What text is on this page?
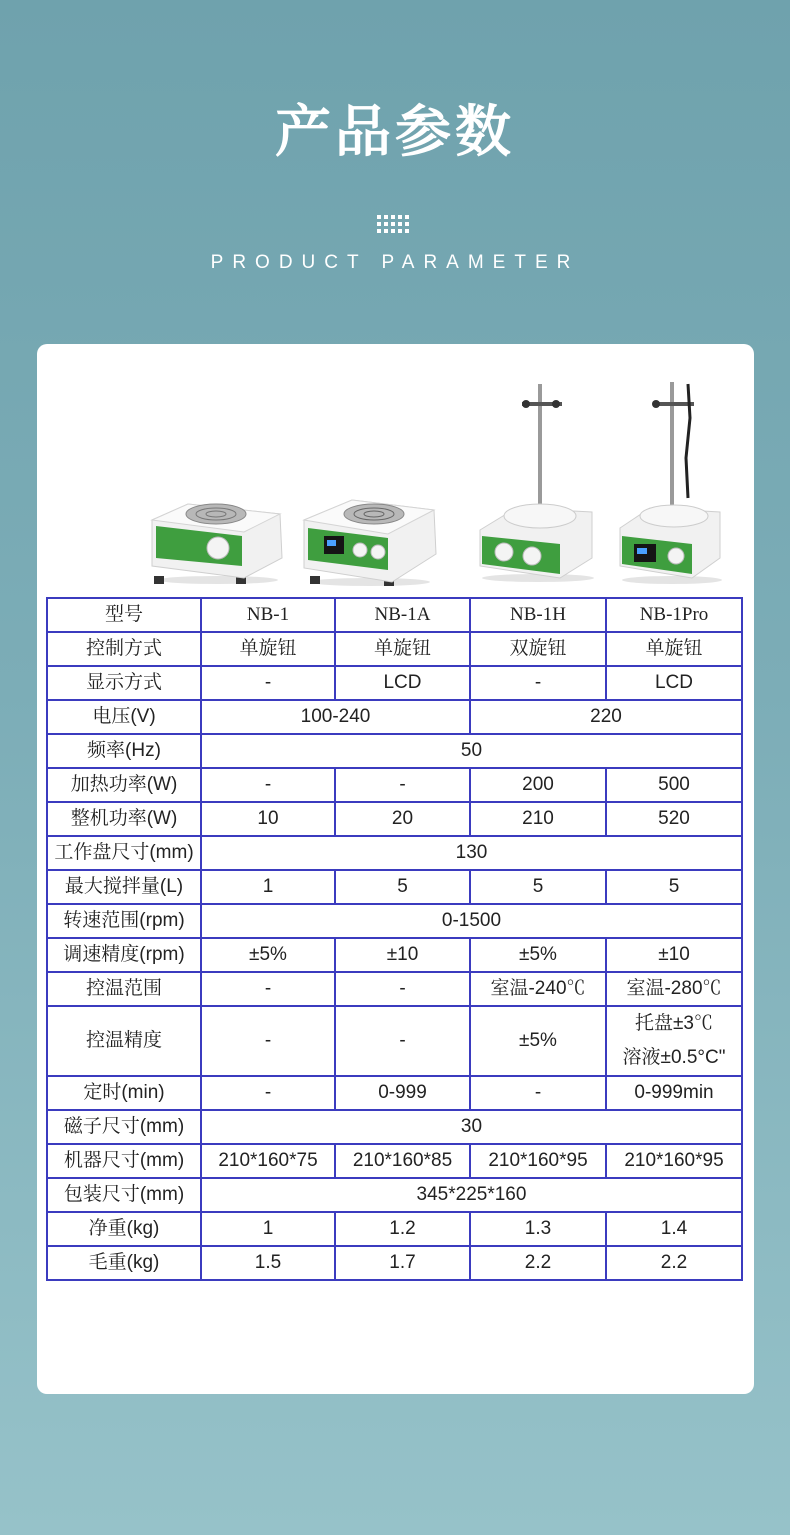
产品参数
PRODUCT PARAMETER
型号	NB-1	NB-1A	NB-1H	NB-1Pro
控制方式	单旋钮	单旋钮	双旋钮	单旋钮
显示方式	-	LCD	-	LCD
电压(V)	100-240		220	
频率(Hz)	50			
加热功率(W)	-	-	200	500
整机功率(W)	10	20	210	520
工作盘尺寸(mm)	130			
最大搅拌量(L)	1	5	5	5
转速范围(rpm)	0-1500			
调速精度(rpm)	±5%	±10	±5%	±10
控温范围	-	-	室温-240℃	室温-280℃
控温精度	-	-	±5%	托盘±3℃
溶液±0.5°C"

定时(min)	-	0-999	-	0-999min
磁子尺寸(mm)	30			
机器尺寸(mm)	210*160*75	210*160*85	210*160*95	210*160*95
包装尺寸(mm)	345*225*160			
净重(kg)	1	1.2	1.3	1.4
毛重(kg)	1.5	1.7	2.2	2.2
